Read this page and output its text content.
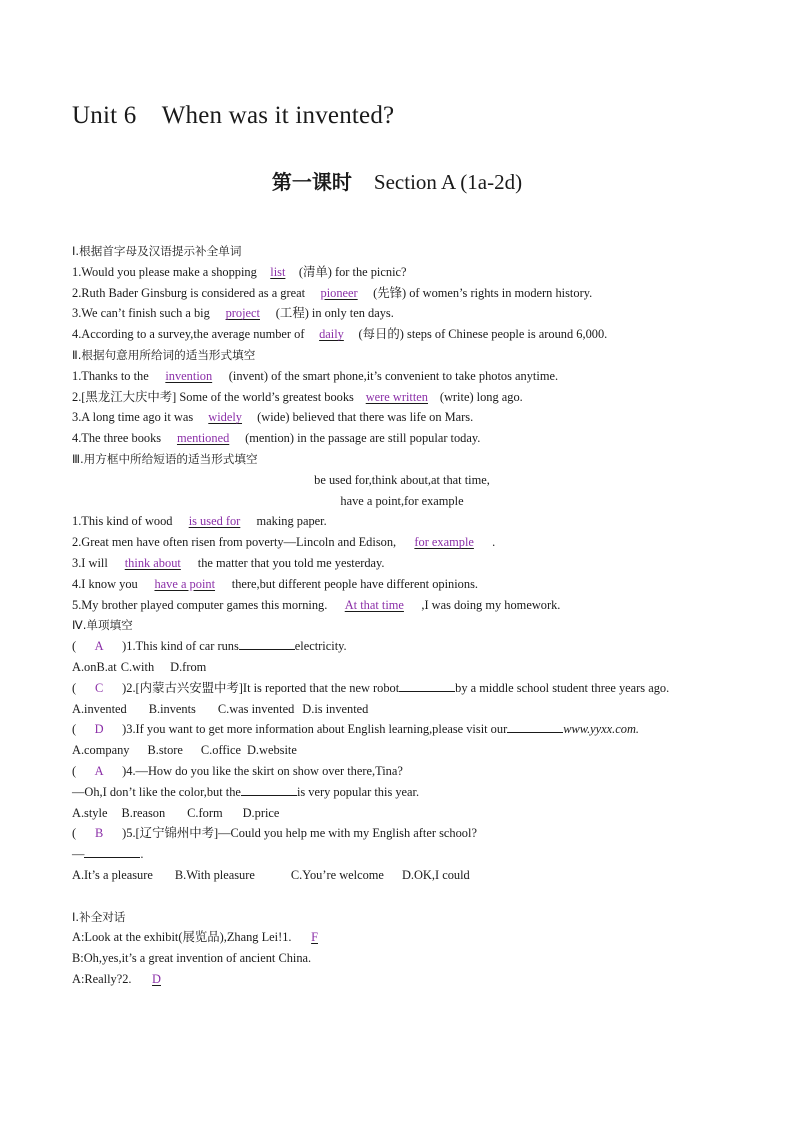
Unit 6    When was it invented?
第一课时 Section A (1a-2d)
Ⅰ.根据首字母及汉语提示补全单词
1.Would you please make a shopping list (清单) for the picnic?
2.Ruth Bader Ginsburg is considered as a great pioneer (先锋) of women’s rights in modern history.
3.We can’t finish such a big project (工程) in only ten days.
4.According to a survey,the average number of daily (每日的) steps of Chinese people is around 6,000.
Ⅱ.根据句意用所给词的适当形式填空
1.Thanks to the invention (invent) of the smart phone,it’s convenient to take photos anytime.
2.[黑龙江大庆中考] Some of the world’s greatest books were written (write) long ago.
3.A long time ago it was widely (wide) believed that there was life on Mars.
4.The three books mentioned (mention) in the passage are still popular today.
Ⅲ.用方框中所给短语的适当形式填空
be used for,think about,at that time,
have a point,for example
1.This kind of wood is used for making paper.
2.Great men have often risen from poverty—Lincoln and Edison, for example .
3.I will think about the matter that you told me yesterday.
4.I know you have a point there,but different people have different opinions.
5.My brother played computer games this morning. At that time ,I was doing my homework.
Ⅳ.单项填空
( A )1.This kind of car runs	electricity.
A.onB.at C.with D.from
( C )2.[内蒙古兴安盟中考]It is reported that the new robot	by a middle school student three years ago.
A.invented B.invents C.was invented D.is invented
( D )3.If you want to get more information about English learning,please visit our	www.yyxx.com.
A.company B.store C.office D.website
( A )4.—How do you like the skirt on show over there,Tina?
—Oh,I don’t like the color,but the	is very popular this year.
A.style B.reason C.form D.price
( B )5.[辽宁锦州中考]—Could you help me with my English after school?
—	.
A.It’s a pleasure B.With pleasure	C.You’re welcome D.OK,I could
Ⅰ.补全对话
A:Look at the exhibit(展览品),Zhang Lei!1. F
B:Oh,yes,it’s a great invention of ancient China.
A:Really?2. D
